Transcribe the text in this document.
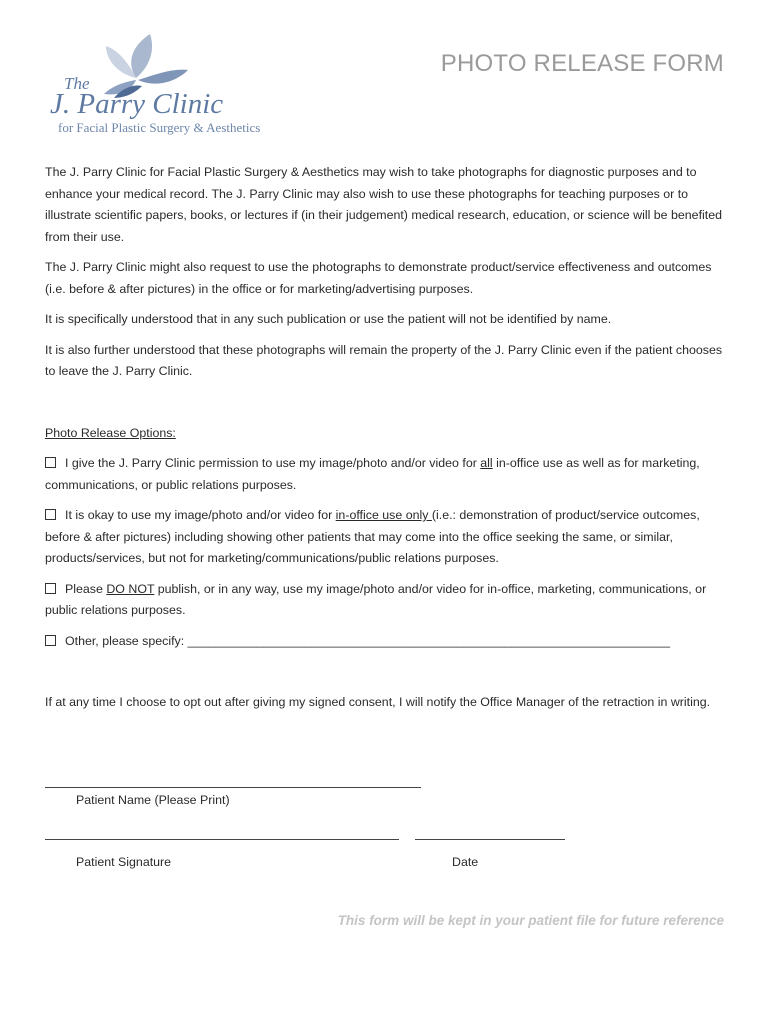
The
J. Parry Clinic
for Facial Plastic Surgery & Aesthetics
PHOTO RELEASE FORM

The J. Parry Clinic for Facial Plastic Surgery & Aesthetics may wish to take photographs for diagnostic purposes and to enhance your medical record. The J. Parry Clinic may also wish to use these photographs for teaching purposes or to illustrate scientific papers, books, or lectures if (in their judgement) medical research, education, or science will be benefited from their use.

The J. Parry Clinic might also request to use the photographs to demonstrate product/service effectiveness and outcomes (i.e. before & after pictures) in the office or for marketing/advertising purposes.

It is specifically understood that in any such publication or use the patient will not be identified by name.

It is also further understood that these photographs will remain the property of the J. Parry Clinic even if the patient chooses to leave the J. Parry Clinic.

Photo Release Options:

I give the J. Parry Clinic permission to use my image/photo and/or video for all in-office use as well as for marketing, communications, or public relations purposes.

It is okay to use my image/photo and/or video for in-office use only (i.e.: demonstration of product/service outcomes, before & after pictures) including showing other patients that may come into the office seeking the same, or similar, products/services, but not for marketing/communications/public relations purposes.

Please DO NOT publish, or in any way, use my image/photo and/or video for in-office, marketing, communications, or public relations purposes.

Other, please specify: ______________________________________________________________________

If at any time I choose to opt out after giving my signed consent, I will notify the Office Manager of the retraction in writing.

Patient Name (Please Print)
Patient Signature	Date
This form will be kept in your patient file for future reference
